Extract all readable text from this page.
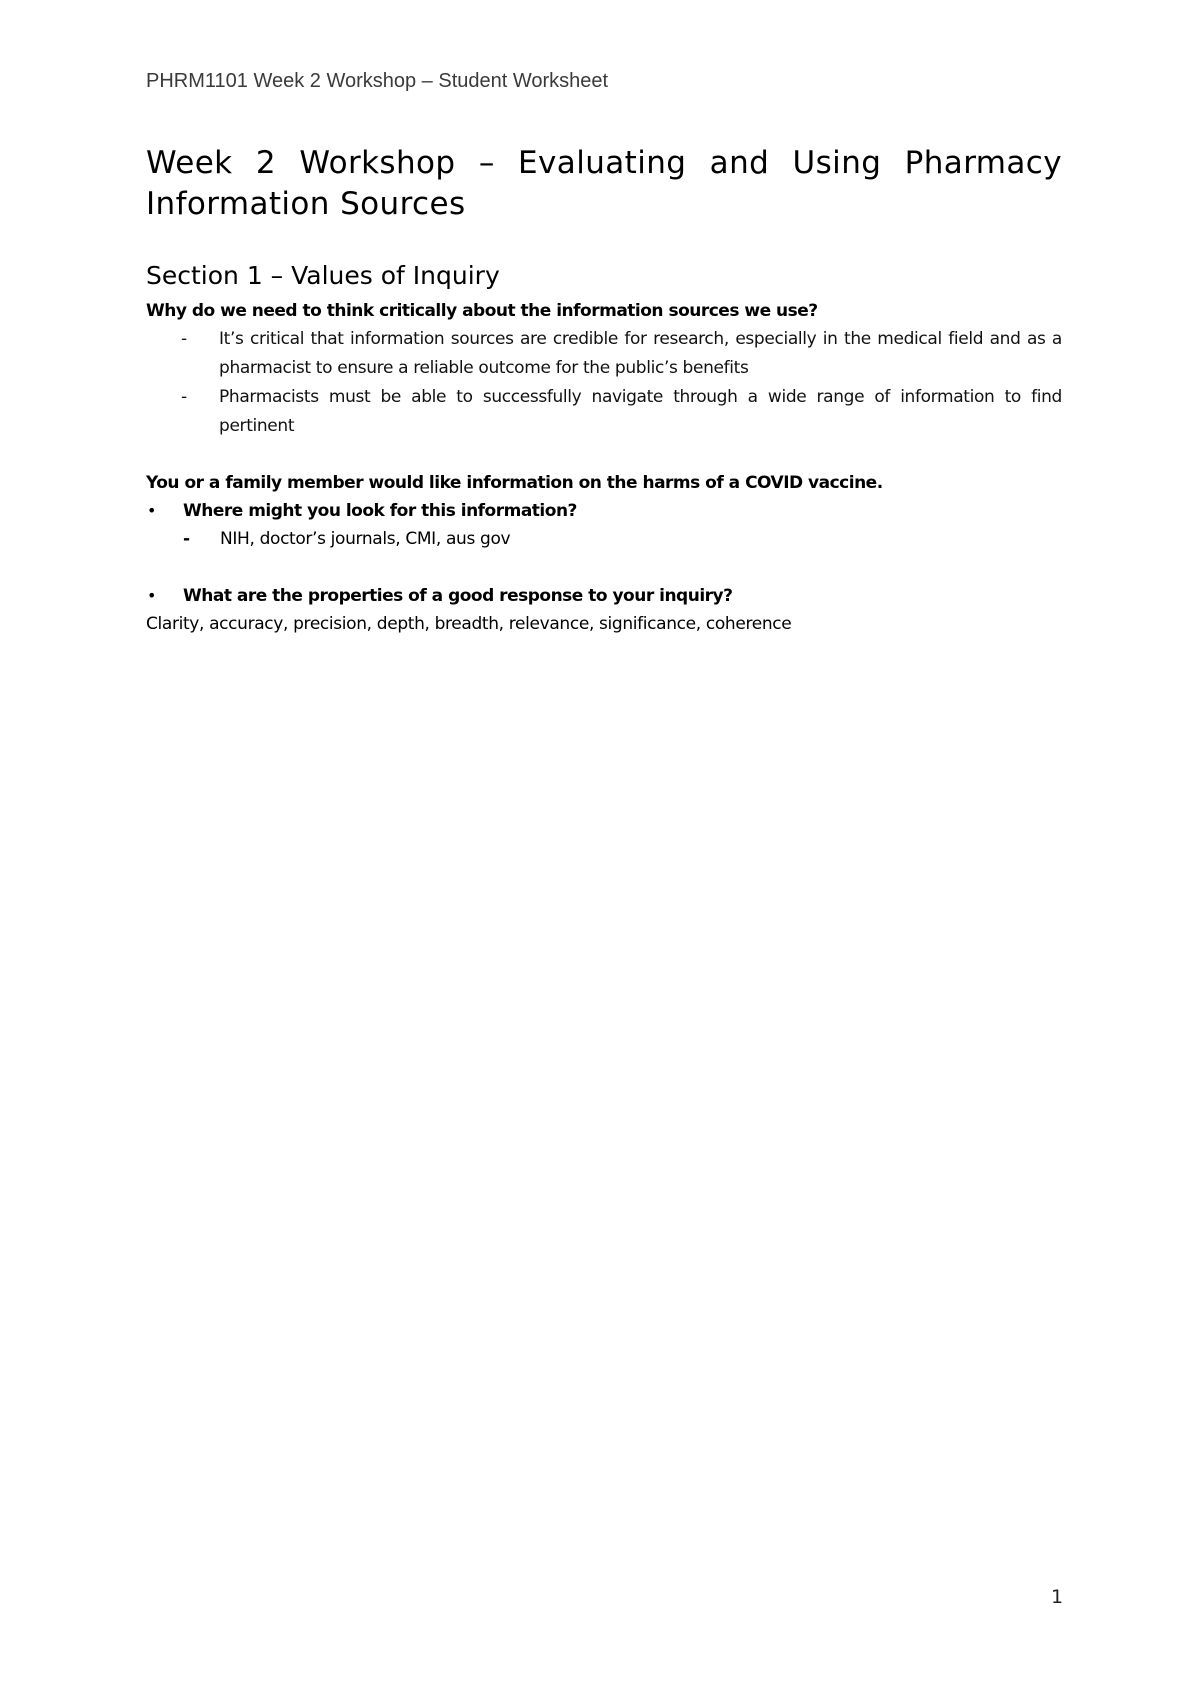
PHRM1101 Week 2 Workshop – Student Worksheet
Week 2 Workshop – Evaluating and Using Pharmacy Information Sources
Section 1 – Values of Inquiry

Why do we need to think critically about the information sources we use?

- It’s critical that information sources are credible for research, especially in the medical field and as a pharmacist to ensure a reliable outcome for the public’s benefits
- Pharmacists must be able to successfully navigate through a wide range of information to find pertinent

You or a family member would like information on the harms of a COVID vaccine.

• Where might you look for this information?
- NIH, doctor’s journals, CMI, aus gov
• What are the properties of a good response to your inquiry?

Clarity, accuracy, precision, depth, breadth, relevance, significance, coherence

1
